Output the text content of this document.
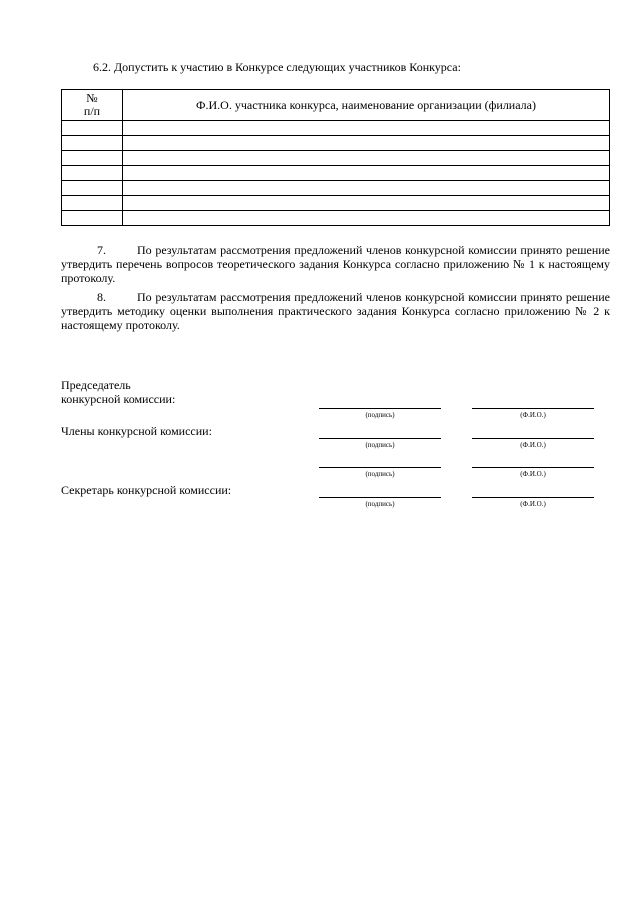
6.2. Допустить к участию в Конкурсе следующих участников Конкурса:
№
п/п	Ф.И.О. участника конкурса, наименование организации (филиала)

7.	По результатам рассмотрения предложений членов конкурсной комиссии принято решение утвердить перечень вопросов теоретического задания Конкурса согласно приложению № 1 к настоящему протоколу.
8.	По результатам рассмотрения предложений членов конкурсной комиссии принято решение утвердить методику оценки выполнения практического задания Конкурса согласно приложению № 2 к настоящему протоколу.
Председатель
конкурсной комиссии:
Члены конкурсной комиссии:
Секретарь конкурсной комиссии:
(подпись)	(Ф.И.О.)
(подпись)	(Ф.И.О.)
(подпись)	(Ф.И.О.)
(подпись)	(Ф.И.О.)
